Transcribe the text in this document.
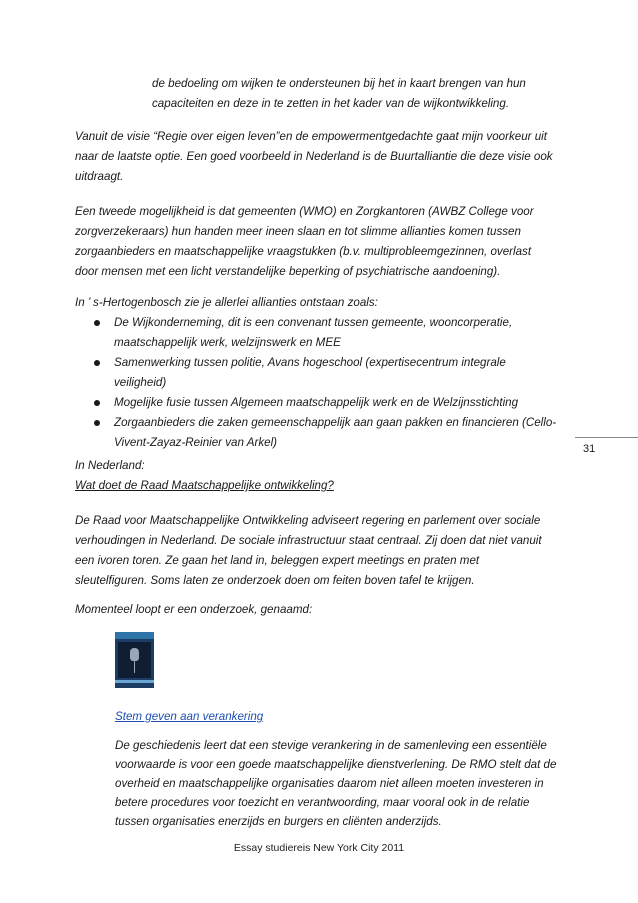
de bedoeling om wijken te ondersteunen bij het in kaart brengen van hun
capaciteiten en deze in te zetten in het kader van de wijkontwikkeling.
Vanuit de visie “Regie over eigen leven”en de empowermentgedachte gaat mijn voorkeur uit
naar de laatste optie. Een goed voorbeeld in Nederland is de Buurtalliantie die deze visie ook
uitdraagt.
Een tweede mogelijkheid is dat gemeenten (WMO) en Zorgkantoren (AWBZ College voor
zorgverzekeraars) hun handen meer ineen slaan en tot slimme allianties komen tussen
zorgaanbieders en maatschappelijke vraagstukken (b.v. multiprobleemgezinnen, overlast
door mensen met een licht verstandelijke beperking of psychiatrische aandoening).
In ’ s-Hertogenbosch zie je allerlei allianties ontstaan zoals:
De Wijkonderneming, dit is een convenant tussen gemeente, wooncorperatie,
maatschappelijk werk, welzijnswerk en MEE
Samenwerking tussen politie, Avans hogeschool (expertisecentrum integrale
veiligheid)
Mogelijke fusie tussen Algemeen maatschappelijk werk en de Welzijnsstichting
Zorgaanbieders die zaken gemeenschappelijk aan gaan pakken en financieren (Cello-
Vivent-Zayaz-Reinier van Arkel)	31
In Nederland:
Wat doet de Raad Maatschappelijke ontwikkeling?
De Raad voor Maatschappelijke Ontwikkeling adviseert regering en parlement over sociale
verhoudingen in Nederland. De sociale infrastructuur staat centraal. Zij doen dat niet vanuit
een ivoren toren. Ze gaan het land in, beleggen expert meetings en praten met
sleutelfiguren. Soms laten ze onderzoek doen om feiten boven tafel te krijgen.
Momenteel loopt er een onderzoek, genaamd:
Stem geven aan verankering
De geschiedenis leert dat een stevige verankering in de samenleving een essentiële
voorwaarde is voor een goede maatschappelijke dienstverlening. De RMO stelt dat de
overheid en maatschappelijke organisaties daarom niet alleen moeten investeren in
betere procedures voor toezicht en verantwoording, maar vooral ook in de relatie
tussen organisaties enerzijds en burgers en cliënten anderzijds.
Essay studiereis New York City 2011
